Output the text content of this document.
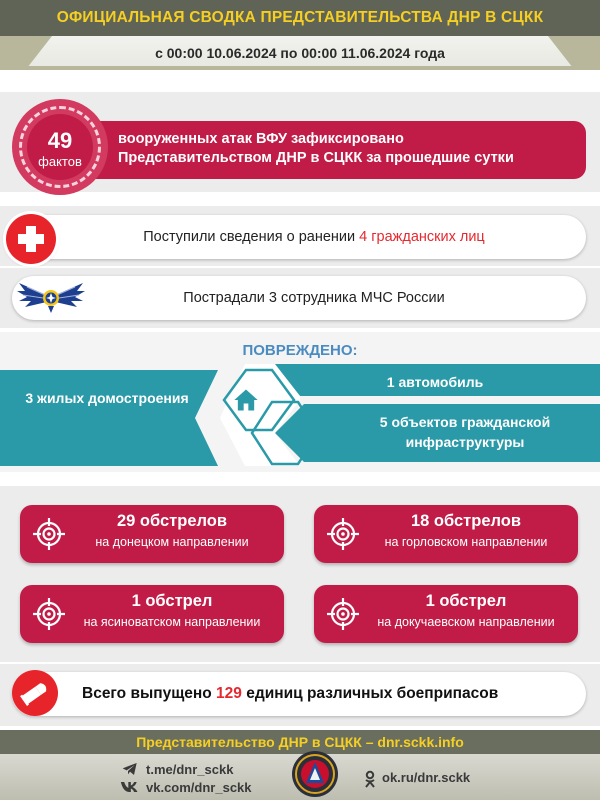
ОФИЦИАЛЬНАЯ СВОДКА ПРЕДСТАВИТЕЛЬСТВА ДНР В СЦКК
с 00:00 10.06.2024 по 00:00 11.06.2024 года
вооруженных атак ВФУ зафиксировано
Представительством ДНР в СЦКК за прошедшие сутки
49
фактов
Поступили сведения о ранении 4 гражданских лиц
Пострадали 3 сотрудника МЧС России
ПОВРЕЖДЕНО:
3 жилых домостроения
1 автомобиль
5 объектов гражданской
инфраструктуры
29 обстрелов
на донецком направлении
18 обстрелов
на горловском направлении
1 обстрел
на ясиноватском направлении
1 обстрел
на докучаевском направлении
Всего выпущено 129 единиц различных боеприпасов
Представительство ДНР в СЦКК – dnr.sckk.info
t.me/dnr_sckk
vk.com/dnr_sckk
ok.ru/dnr.sckk
